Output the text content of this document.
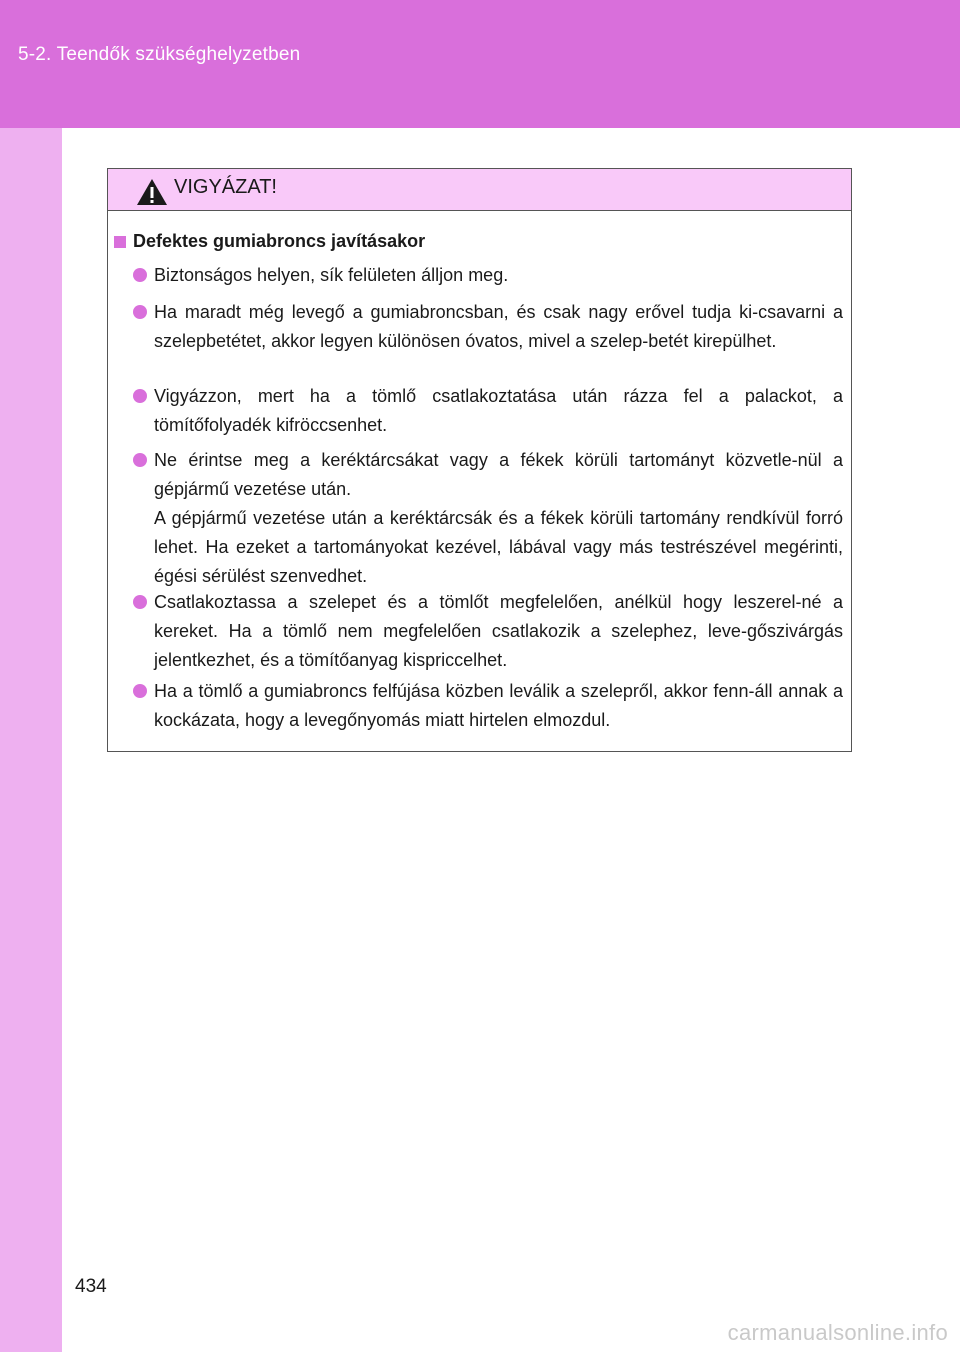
5-2. Teendők szükséghelyzetben
VIGYÁZAT!
Defektes gumiabroncs javításakor
Biztonságos helyen, sík felületen álljon meg.
Ha maradt még levegő a gumiabroncsban, és csak nagy erővel tudja ki-csavarni a szelepbetétet, akkor legyen különösen óvatos, mivel a szelep-betét kirepülhet.
Vigyázzon, mert ha a tömlő csatlakoztatása után rázza fel a palackot, a tömítőfolyadék kifröccsenhet.
Ne érintse meg a keréktárcsákat vagy a fékek körüli tartományt közvetle-nül a gépjármű vezetése után.
A gépjármű vezetése után a keréktárcsák és a fékek körüli tartomány rendkívül forró lehet. Ha ezeket a tartományokat kezével, lábával vagy más testrészével megérinti, égési sérülést szenvedhet.
Csatlakoztassa a szelepet és a tömlőt megfelelően, anélkül hogy leszerel-né a kereket. Ha a tömlő nem megfelelően csatlakozik a szelephez, leve-gőszivárgás jelentkezhet, és a tömítőanyag kispriccelhet.
Ha a tömlő a gumiabroncs felfújása közben leválik a szelepről, akkor fenn-áll annak a kockázata, hogy a levegőnyomás miatt hirtelen elmozdul.
434
carmanualsonline.info
